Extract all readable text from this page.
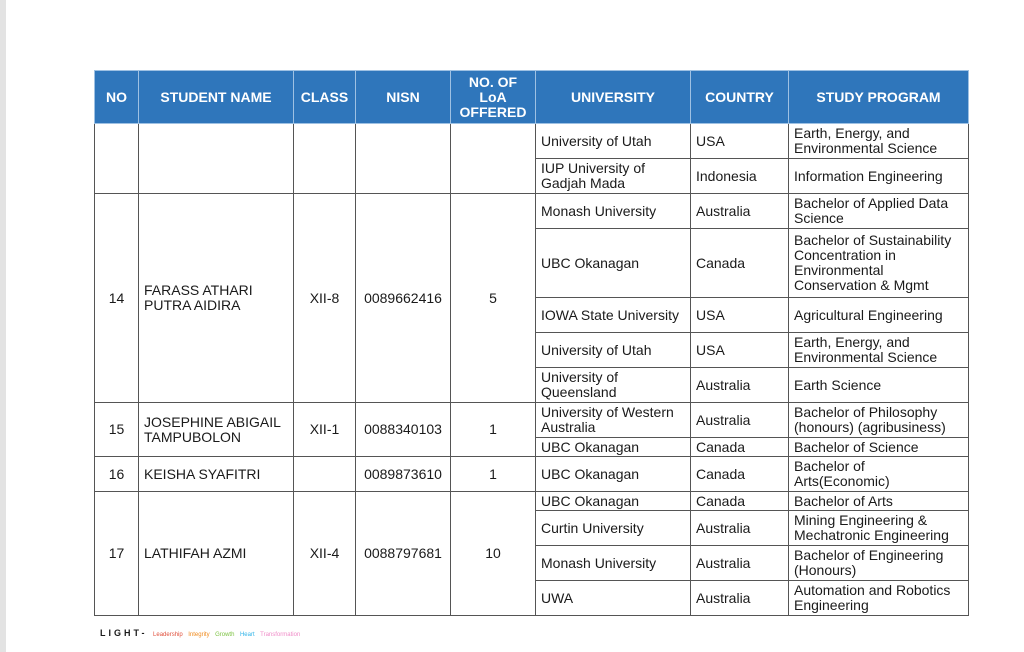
NO	STUDENT NAME	CLASS	NISN	NO. OF
LoA
OFFERED	UNIVERSITY	COUNTRY	STUDY PROGRAM
					University of Utah	USA	Earth, Energy, and Environmental Science
					IUP University of Gadjah Mada	Indonesia	Information Engineering
14	FARASS ATHARI PUTRA AIDIRA	XII-8	0089662416	5	Monash University	Australia	Bachelor of Applied Data Science
					UBC Okanagan	Canada	Bachelor of Sustainability Concentration in Environmental Conservation & Mgmt
					IOWA State University	USA	Agricultural Engineering
					University of Utah	USA	Earth, Energy, and Environmental Science
					University of Queensland	Australia	Earth Science
15	JOSEPHINE ABIGAIL TAMPUBOLON	XII-1	0088340103	1	University of Western Australia	Australia	Bachelor of Philosophy (honours) (agribusiness)
					UBC Okanagan	Canada	Bachelor of Science
16	KEISHA SYAFITRI		0089873610	1	UBC Okanagan	Canada	Bachelor of Arts(Economic)
17	LATHIFAH AZMI	XII-4	0088797681	10	UBC Okanagan	Canada	Bachelor of Arts
					Curtin University	Australia	Mining Engineering & Mechatronic Engineering
					Monash University	Australia	Bachelor of Engineering (Honours)
					UWA	Australia	Automation and Robotics Engineering
LIGHT- Leadership Integrity Growth Heart Transformation
